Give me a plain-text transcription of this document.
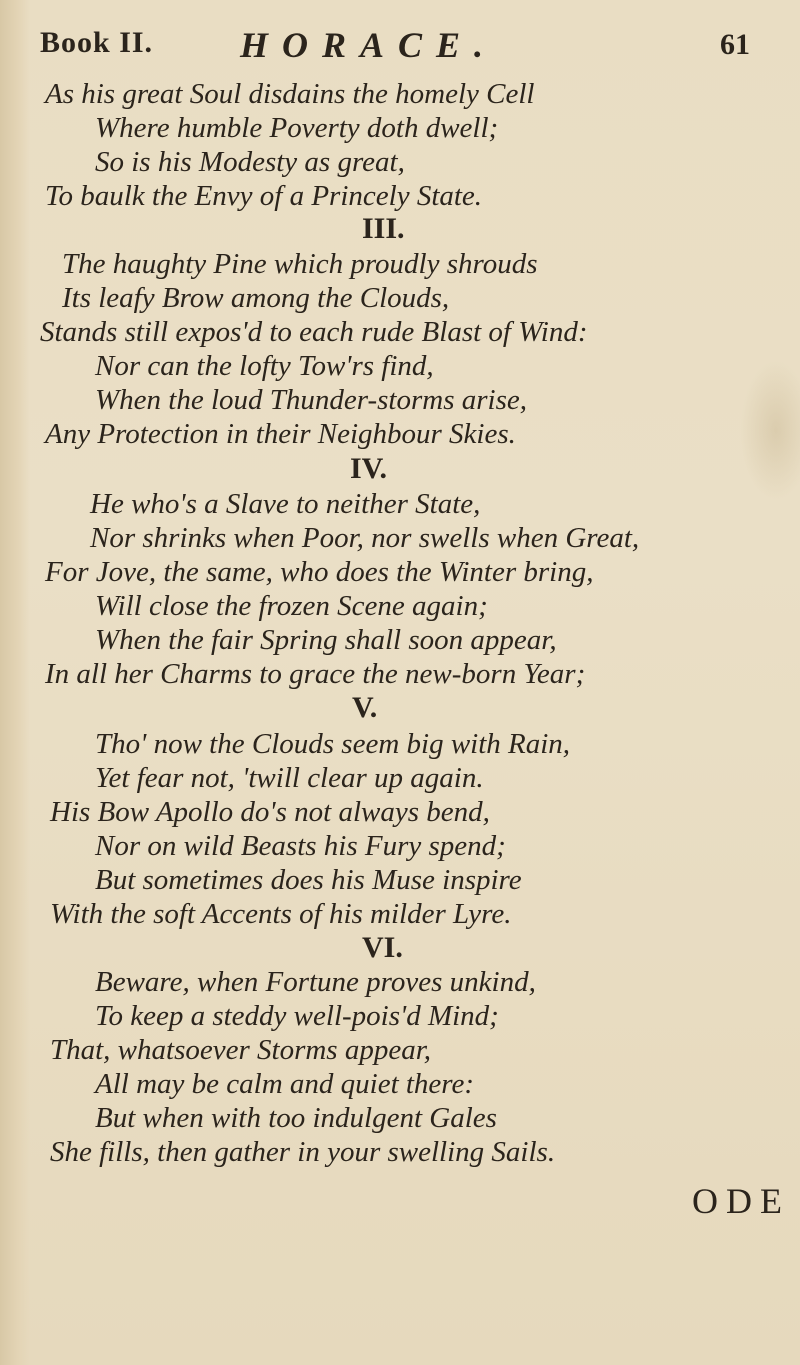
Book II. HORACE.	61
As his great Soul disdains the homely Cell
Where humble Poverty doth dwell;
So is his Modesty as great,
To baulk the Envy of a Princely State.
III.
The haughty Pine which proudly shrouds
Its leafy Brow among the Clouds,
Stands still expos'd to each rude Blast of Wind:
Nor can the lofty Tow'rs find,
When the loud Thunder-storms arise,
Any Protection in their Neighbour Skies.
IV.
He who's a Slave to neither State,
Nor shrinks when Poor, nor swells when Great,
For Jove, the same, who does the Winter bring,
Will close the frozen Scene again;
When the fair Spring shall soon appear,
In all her Charms to grace the new-born Year;
V.
Tho' now the Clouds seem big with Rain,
Yet fear not, 'twill clear up again.
His Bow Apollo do's not always bend,
Nor on wild Beasts his Fury spend;
But sometimes does his Muse inspire
With the soft Accents of his milder Lyre.
VI.
Beware, when Fortune proves unkind,
To keep a steddy well-pois'd Mind;
That, whatsoever Storms appear,
All may be calm and quiet there:
But when with too indulgent Gales
She fills, then gather in your swelling Sails.
ODE
